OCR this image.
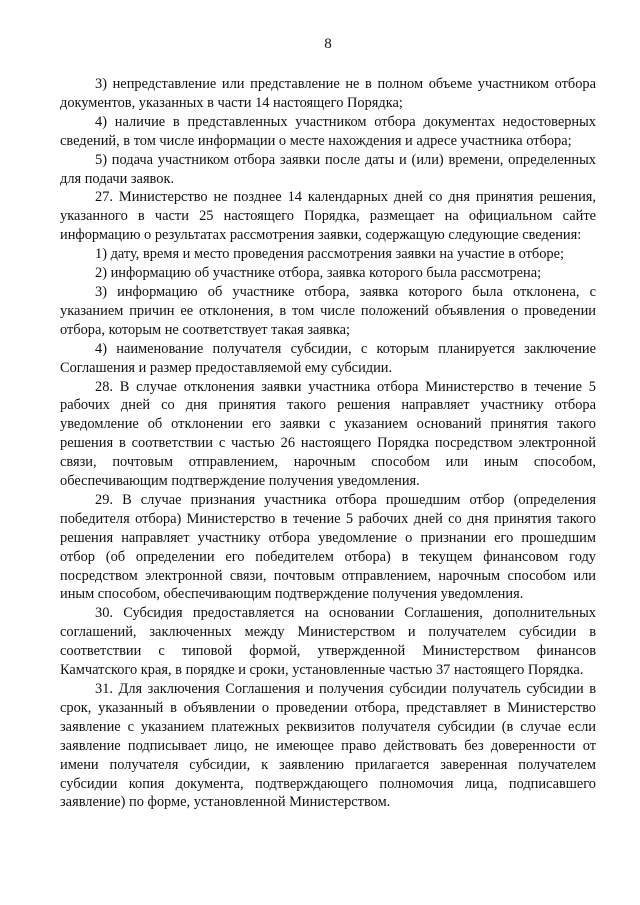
8

3) непредставление или представление не в полном объеме участником отбора документов, указанных в части 14 настоящего Порядка;

4) наличие в представленных участником отбора документах недостоверных сведений, в том числе информации о месте нахождения и адресе участника отбора;

5) подача участником отбора заявки после даты и (или) времени, определенных для подачи заявок.

27. Министерство не позднее 14 календарных дней со дня принятия решения, указанного в части 25 настоящего Порядка, размещает на официальном сайте информацию о результатах рассмотрения заявки, содержащую следующие сведения:

1) дату, время и место проведения рассмотрения заявки на участие в отборе;

2) информацию об участнике отбора, заявка которого была рассмотрена;

3) информацию об участнике отбора, заявка которого была отклонена, с указанием причин ее отклонения, в том числе положений объявления о проведении отбора, которым не соответствует такая заявка;

4) наименование получателя субсидии, с которым планируется заключение Соглашения и размер предоставляемой ему субсидии.

28. В случае отклонения заявки участника отбора Министерство в течение 5 рабочих дней со дня принятия такого решения направляет участнику отбора уведомление об отклонении его заявки с указанием оснований принятия такого решения в соответствии с частью 26 настоящего Порядка посредством электронной связи, почтовым отправлением, нарочным способом или иным способом, обеспечивающим подтверждение получения уведомления.

29. В случае признания участника отбора прошедшим отбор (определения победителя отбора) Министерство в течение 5 рабочих дней со дня принятия такого решения направляет участнику отбора уведомление о признании его прошедшим отбор (об определении его победителем отбора) в текущем финансовом году посредством электронной связи, почтовым отправлением, нарочным способом или иным способом, обеспечивающим подтверждение получения уведомления.

30. Субсидия предоставляется на основании Соглашения, дополнительных соглашений, заключенных между Министерством и получателем субсидии в соответствии с типовой формой, утвержденной Министерством финансов Камчатского края, в порядке и сроки, установленные частью 37 настоящего Порядка.

31. Для заключения Соглашения и получения субсидии получатель субсидии в срок, указанный в объявлении о проведении отбора, представляет в Министерство заявление с указанием платежных реквизитов получателя субсидии (в случае если заявление подписывает лицо, не имеющее право действовать без доверенности от имени получателя субсидии, к заявлению прилагается заверенная получателем субсидии копия документа, подтверждающего полномочия лица, подписавшего заявление) по форме, установленной Министерством.
